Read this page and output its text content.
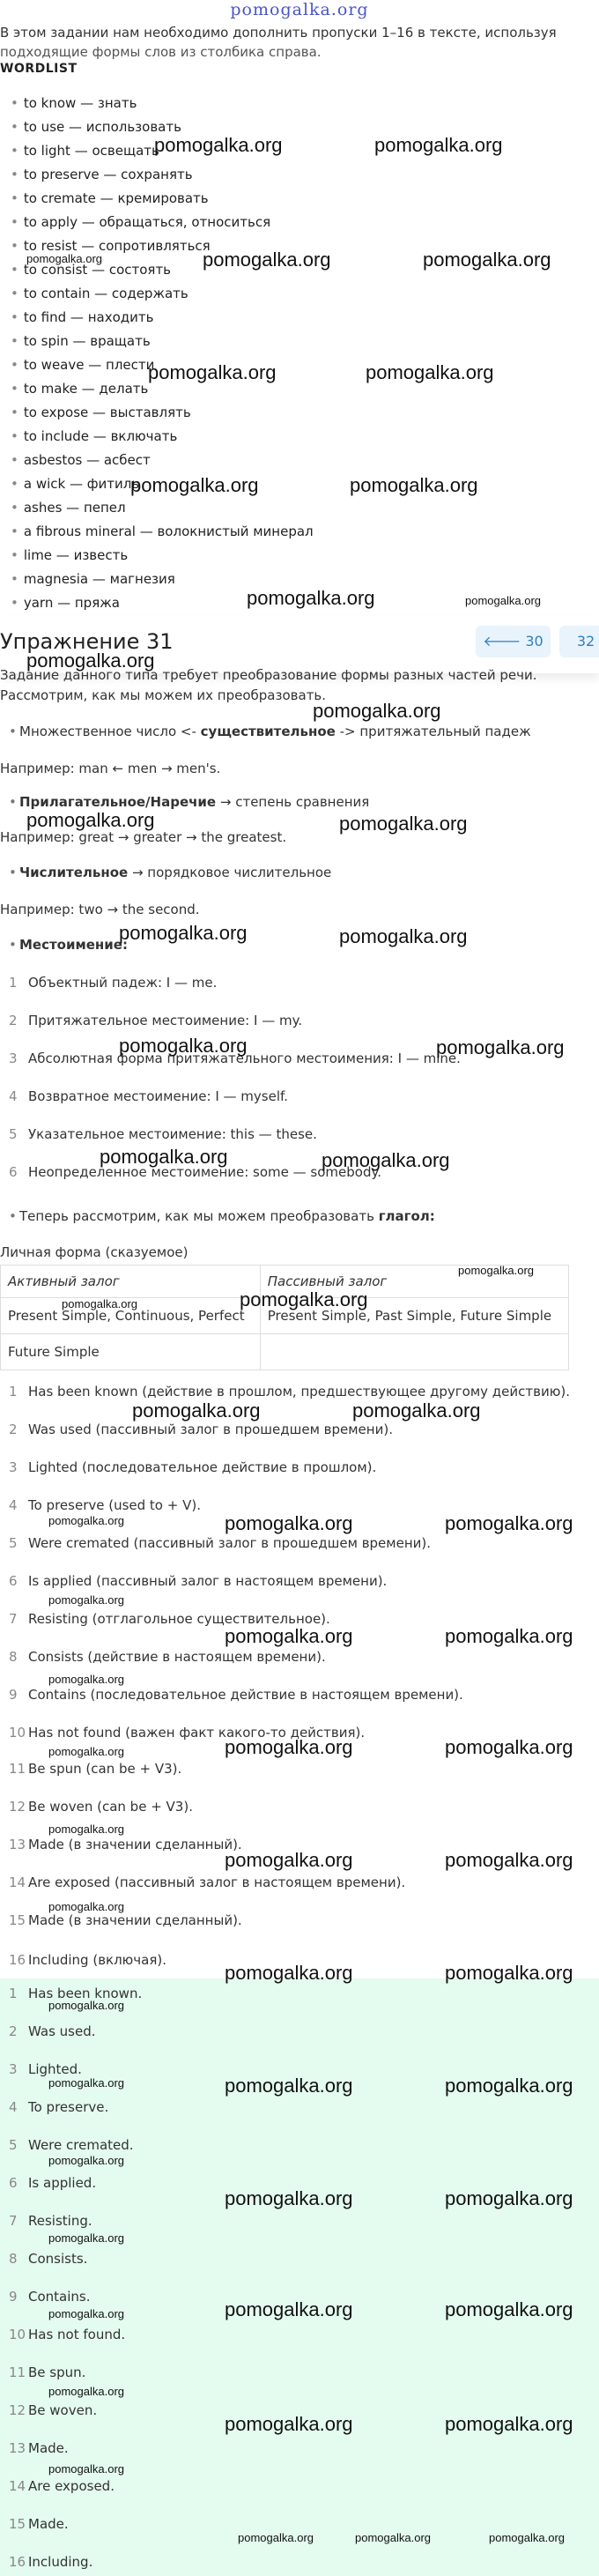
pomogalka.org
В этом задании нам необходимо дополнить пропуски 1–16 в тексте, используя
подходящие формы слов из столбика справа.
WORDLIST
• to know — знать
• to use — использовать
• to light — освещать
• to preserve — сохранять
• to cremate — кремировать
• to apply — обращаться, относиться
• to resist — сопротивляться
• to consist — состоять
• to contain — содержать
• to find — находить
• to spin — вращать
• to weave — плести
• to make — делать
• to expose — выставлять
• to include — включать
• asbestos — асбест
• a wick — фитиль
• ashes — пепел
• a fibrous mineral — волокнистый минерал
• lime — известь
• magnesia — магнезия
• yarn — пряжа
Упражнение 31	🡐 30	32
Задание данного типа требует преобразование формы разных частей речи.
Рассмотрим, как мы можем их преобразовать.
• Множественное число <- существительное -> притяжательный падеж
Например: man ← men → men's.
• Прилагательное/Наречие → степень сравнения
Например: great → greater → the greatest.
• Числительное → порядковое числительное
Например: two → the second.
• Местоимение:
1 Объектный падеж: I — me.
2 Притяжательное местоимение: I — my.
3 Абсолютная форма притяжательного местоимения: I — mine.
4 Возвратное местоимение: I — myself.
5 Указательное местоимение: this — these.
6 Неопределенное местоимение: some — somebody.
• Теперь рассмотрим, как мы можем преобразовать глагол:
Личная форма (сказуемое)
Активный залог	Пассивный залог
Present Simple, Continuous, Perfect	Present Simple, Past Simple, Future Simple
Future Simple	
1 Has been known (действие в прошлом, предшествующее другому действию).
2 Was used (пассивный залог в прошедшем времени).
3 Lighted (последовательное действие в прошлом).
4 To preserve (used to + V).
5 Were cremated (пассивный залог в прошедшем времени).
6 Is applied (пассивный залог в настоящем времени).
7 Resisting (отглагольное существительное).
8 Consists (действие в настоящем времени).
9 Contains (последовательное действие в настоящем времени).
10 Has not found (важен факт какого-то действия).
11 Be spun (can be + V3).
12 Be woven (can be + V3).
13 Made (в значении сделанный).
14 Are exposed (пассивный залог в настоящем времени).
15 Made (в значении сделанный).
16 Including (включая).
1 Has been known.
2 Was used.
3 Lighted.
4 To preserve.
5 Were cremated.
6 Is applied.
7 Resisting.
8 Consists.
9 Contains.
10 Has not found.
11 Be spun.
12 Be woven.
13 Made.
14 Are exposed.
15 Made.
16 Including.
pomogalka.org	pomogalka.org
pomogalka.org	pomogalka.org	pomogalka.org
pomogalka.org	pomogalka.org
pomogalka.org	pomogalka.org
pomogalka.org	pomogalka.org
pomogalka.org
pomogalka.org
pomogalka.org	pomogalka.org
pomogalka.org	pomogalka.org
pomogalka.org	pomogalka.org
pomogalka.org	pomogalka.org
pomogalka.org
pomogalka.org	pomogalka.org
pomogalka.org	pomogalka.org
pomogalka.org	pomogalka.org	pomogalka.org
pomogalka.org
pomogalka.org	pomogalka.org
pomogalka.org
pomogalka.org	pomogalka.org	pomogalka.org
pomogalka.org
pomogalka.org	pomogalka.org
pomogalka.org
pomogalka.org	pomogalka.org
pomogalka.org
pomogalka.org	pomogalka.org	pomogalka.org
pomogalka.org
pomogalka.org	pomogalka.org
pomogalka.org
pomogalka.org	pomogalka.org	pomogalka.org
pomogalka.org
pomogalka.org	pomogalka.org
pomogalka.org
pomogalka.org	pomogalka.org	pomogalka.org
